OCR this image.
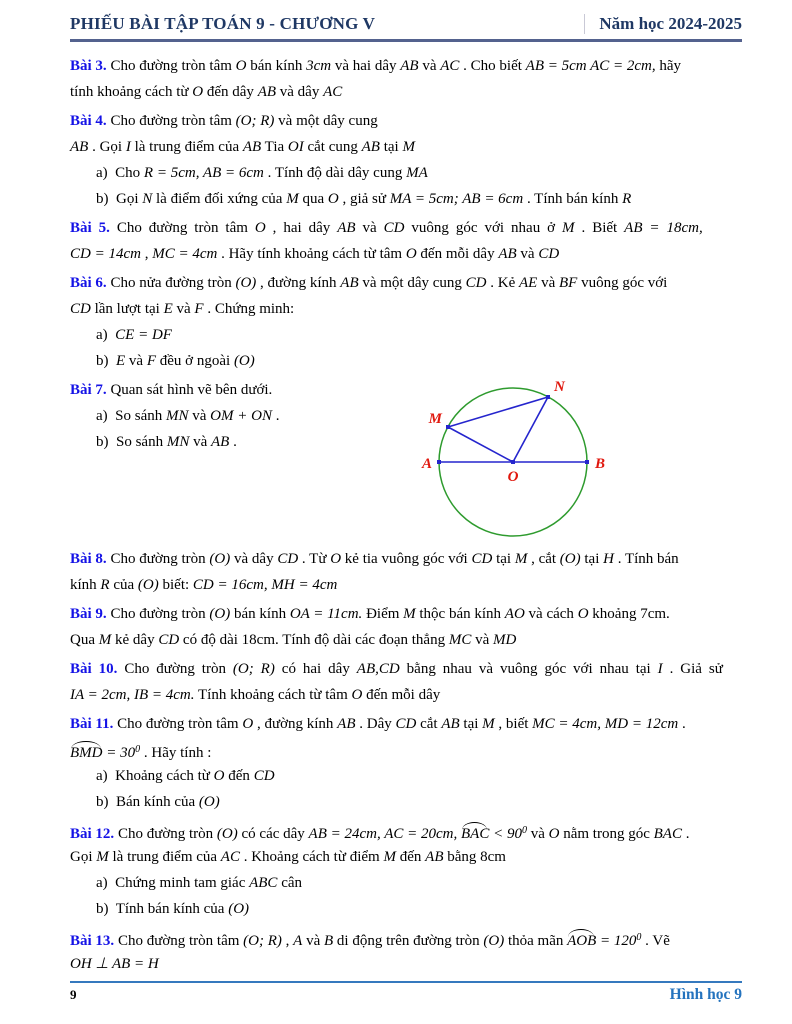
PHIẾU BÀI TẬP TOÁN 9 - CHƯƠNG V	Năm học 2024-2025
Bài 3. Cho đường tròn tâm O bán kính 3cm và hai dây AB và AC . Cho biết AB = 5cm AC = 2cm, hãy
tính khoảng cách từ O đến dây AB và dây AC
Bài 4. Cho đường tròn tâm (O; R) và một dây cung
AB . Gọi I là trung điểm của AB Tia OI cắt cung AB tại M
a)  Cho R = 5cm, AB = 6cm . Tính độ dài dây cung MA
b)  Gọi N là điểm đối xứng của M qua O , giả sử MA = 5cm; AB = 6cm . Tính bán kính R
Bài 5. Cho đường tròn tâm O , hai dây AB và CD vuông góc với nhau ở M . Biết AB = 18cm,
CD = 14cm , MC = 4cm . Hãy tính khoảng cách từ tâm O đến mỗi dây AB và CD
Bài 6. Cho nửa đường tròn (O) , đường kính AB và một dây cung CD . Kẻ AE và BF vuông góc với
CD lần lượt tại E và F . Chứng minh:
a)  CE = DF
b)  E và F đều ở ngoài (O)
Bài 7. Quan sát hình vẽ bên dưới.
a)  So sánh MN và OM + ON .
b)  So sánh MN và AB .
A	B
M
N
O
Bài 8. Cho đường tròn (O) và dây CD . Từ O kẻ tia vuông góc với CD tại M , cắt (O) tại H . Tính bán
kính R của (O) biết: CD = 16cm, MH = 4cm
Bài 9. Cho đường tròn (O) bán kính OA = 11cm. Điểm M thộc bán kính AO và cách O khoảng 7cm.
Qua M kẻ dây CD có độ dài 18cm. Tính độ dài các đoạn thẳng MC và MD
Bài 10. Cho đường tròn (O; R) có hai dây AB,CD bằng nhau và vuông góc với nhau tại I . Giả sử
IA = 2cm, IB = 4cm. Tính khoảng cách từ tâm O đến mỗi dây
Bài 11. Cho đường tròn tâm O , đường kính AB . Dây CD cắt AB tại M , biết MC = 4cm, MD = 12cm .
BMD = $30^0$ . Hãy tính :
a)  Khoảng cách từ O đến CD
b)  Bán kính của (O)
Bài 12. Cho đường tròn (O) có các dây AB = 24cm, AC = 20cm, BAC < $90^0$ và O nằm trong góc BAC .
Gọi M là trung điểm của AC . Khoảng cách từ điểm M đến AB bằng 8cm
a)  Chứng minh tam giác ABC cân
b)  Tính bán kính của (O)
Bài 13. Cho đường tròn tâm (O; R) , A và B di động trên đường tròn (O) thỏa mãn AOB = $120^0$ . Vẽ
OH ⊥ AB = H
9	Hình học 9
